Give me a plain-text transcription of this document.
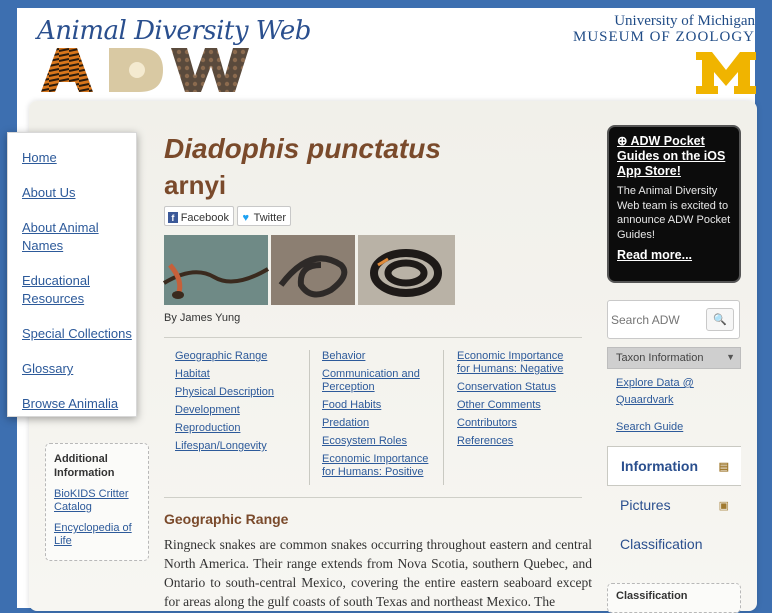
Animal Diversity Web	University of Michigan
MUSEUM OF ZOOLOGY
Home
About Us
About Animal Names
Educational Resources
Special Collections
Glossary
Browse Animalia
Additional Information
BioKIDS Critter Catalog
Encyclopedia of Life
Diadophis punctatus
arnyi
f Facebook ♥ Twitter
By James Yung
Geographic Range
Habitat
Physical Description
Development
Reproduction
Lifespan/Longevity
Behavior
Communication and Perception
Food Habits
Predation
Ecosystem Roles
Economic Importance for Humans: Positive
Economic Importance for Humans: Negative
Conservation Status
Other Comments
Contributors
References
Geographic Range
Ringneck snakes are common snakes occurring throughout eastern and central North America. Their range extends from Nova Scotia, southern Quebec, and Ontario to south-central Mexico, covering the entire eastern seaboard except for areas along the gulf coasts of south Texas and northeast Mexico. The
⊕ ADW Pocket Guides on the iOS App Store!
The Animal Diversity Web team is excited to announce ADW Pocket Guides!
Read more...
Search ADW
🔍
Taxon Information	▼
Explore Data @ Quaardvark
Search Guide
Information ▤
Pictures	▣
Classification
Classification
